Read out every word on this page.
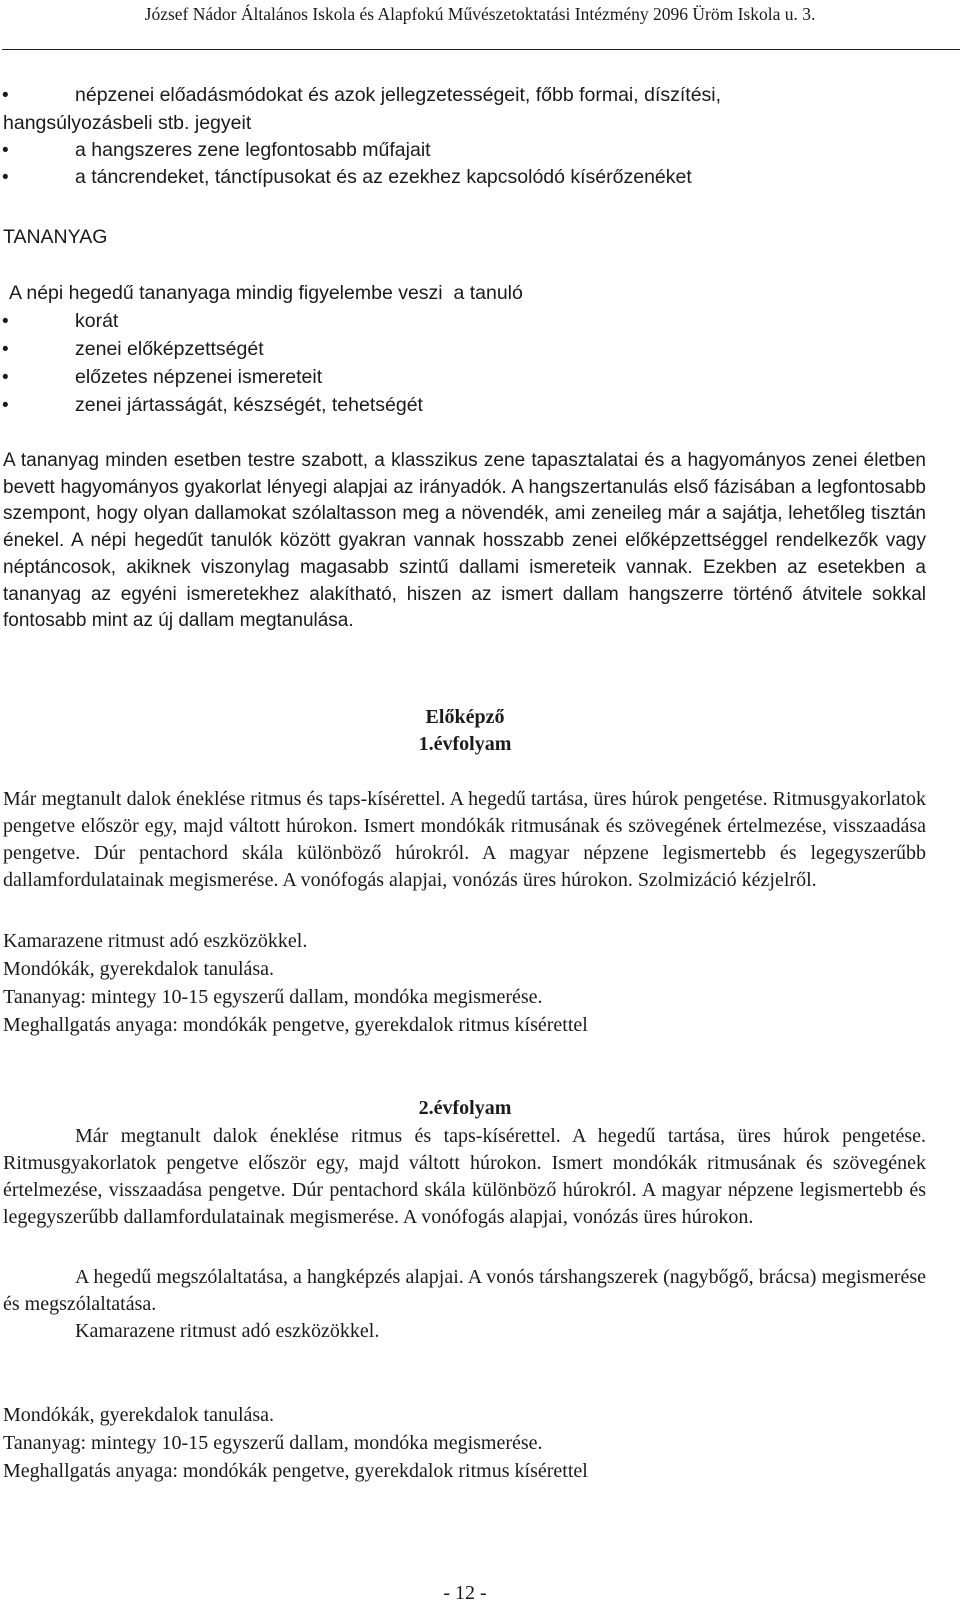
József Nádor Általános Iskola és Alapfokú Művészetoktatási Intézmény 2096 Üröm Iskola u. 3.
•	népzenei előadásmódokat és azok jellegzetességeit, főbb formai, díszítési,
hangsúlyozásbeli stb. jegyeit
•	a hangszeres zene legfontosabb műfajait
•	a táncrendeket, tánctípusokat és az ezekhez kapcsolódó kísérőzenéket
TANANYAG
A népi hegedű tananyaga mindig figyelembe veszi  a tanuló
•	korát
•	zenei előképzettségét
•	előzetes népzenei ismereteit
•	zenei jártasságát, készségét, tehetségét
A tananyag minden esetben testre szabott, a klasszikus zene tapasztalatai és a hagyományos zenei életben bevett hagyományos gyakorlat lényegi alapjai az irányadók. A hangszertanulás első fázisában a legfontosabb szempont, hogy olyan dallamokat szólaltasson meg a növendék, ami zeneileg már a sajátja, lehetőleg tisztán énekel. A népi hegedűt tanulók között gyakran vannak hosszabb zenei előképzettséggel rendelkezők vagy néptáncosok, akiknek viszonylag magasabb szintű dallami ismereteik vannak. Ezekben az esetekben a tananyag az egyéni ismeretekhez alakítható, hiszen az ismert dallam hangszerre történő átvitele sokkal fontosabb mint az új dallam megtanulása.
Előképző
1.évfolyam
Már megtanult dalok éneklése ritmus és taps-kísérettel. A hegedű tartása, üres húrok pengetése. Ritmusgyakorlatok pengetve először egy, majd váltott húrokon. Ismert mondókák ritmusának és szövegének értelmezése, visszaadása pengetve. Dúr pentachord skála különböző húrokról. A magyar népzene legismertebb és legegyszerűbb dallamfordulatainak megismerése. A vonófogás alapjai, vonózás üres húrokon. Szolmizáció kézjelről.
Kamarazene ritmust adó eszközökkel.
Mondókák, gyerekdalok tanulása.
Tananyag: mintegy 10-15 egyszerű dallam, mondóka megismerése.
Meghallgatás anyaga: mondókák pengetve, gyerekdalok ritmus kísérettel
2.évfolyam
Már megtanult dalok éneklése ritmus és taps-kísérettel. A hegedű tartása, üres húrok pengetése. Ritmusgyakorlatok pengetve először egy, majd váltott húrokon. Ismert mondókák ritmusának és szövegének értelmezése, visszaadása pengetve. Dúr pentachord skála különböző húrokról. A magyar népzene legismertebb és legegyszerűbb dallamfordulatainak megismerése. A vonófogás alapjai, vonózás üres húrokon.
A hegedű megszólaltatása, a hangképzés alapjai. A vonós társhangszerek (nagybőgő, brácsa) megismerése és megszólaltatása.
Kamarazene ritmust adó eszközökkel.
Mondókák, gyerekdalok tanulása.
Tananyag: mintegy 10-15 egyszerű dallam, mondóka megismerése.
Meghallgatás anyaga: mondókák pengetve, gyerekdalok ritmus kísérettel
- 12 -
